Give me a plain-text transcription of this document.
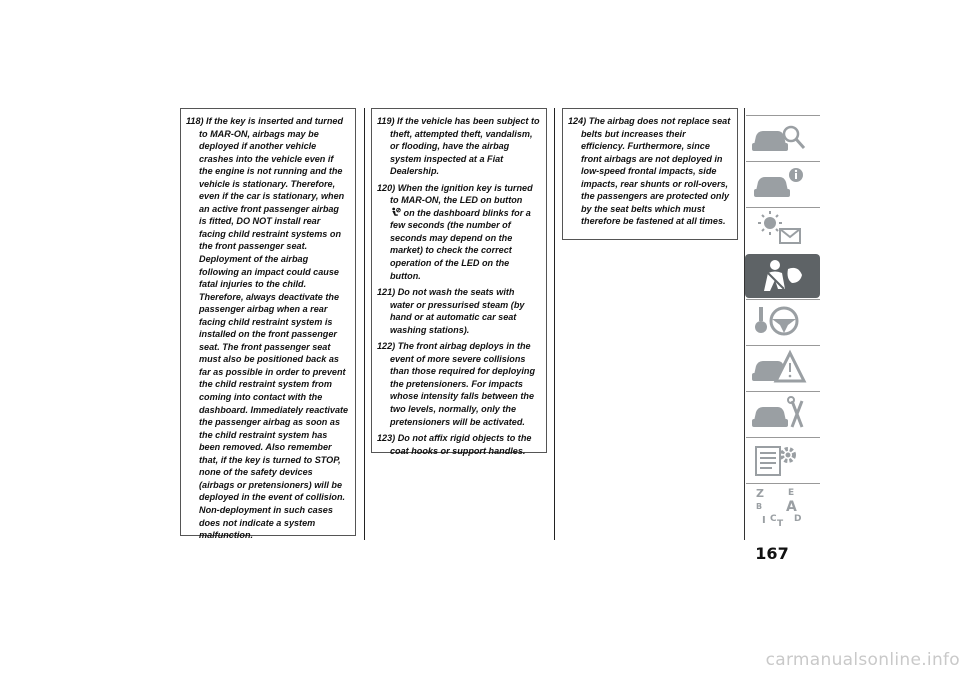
118) If the key is inserted and turned to MAR-ON, airbags may be deployed if another vehicle crashes into the vehicle even if the engine is not running and the vehicle is stationary. Therefore, even if the car is stationary, when an active front passenger airbag is fitted, DO NOT install rear facing child restraint systems on the front passenger seat. Deployment of the airbag following an impact could cause fatal injuries to the child. Therefore, always deactivate the passenger airbag when a rear facing child restraint system is installed on the front passenger seat. The front passenger seat must also be positioned back as far as possible in order to prevent the child restraint system from coming into contact with the dashboard. Immediately reactivate the passenger airbag as soon as the child restraint system has been removed. Also remember that, if the key is turned to STOP, none of the safety devices (airbags or pretensioners) will be deployed in the event of collision. Non-deployment in such cases does not indicate a system malfunction.

119) If the vehicle has been subject to theft, attempted theft, vandalism, or flooding, have the airbag system inspected at a Fiat Dealership.

120) When the ignition key is turned to MAR-ON, the LED on button
on the dashboard blinks for a few seconds (the number of seconds may depend on the market) to check the correct operation of the LED on the button.

121) Do not wash the seats with water or pressurised steam (by hand or at automatic car seat washing stations).

122) The front airbag deploys in the event of more severe collisions than those required for deploying the pretensioners. For impacts whose intensity falls between the two levels, normally, only the pretensioners will be activated.

123) Do not affix rigid objects to the coat hooks or support handles.

124) The airbag does not replace seat belts but increases their efficiency. Furthermore, since front airbags are not deployed in low-speed frontal impacts, side impacts, rear shunts or roll-overs, the passengers are protected only by the seat belts which must therefore be fastened at all times.

Z	E
B A
I C T D
167
carmanualsonline.info
